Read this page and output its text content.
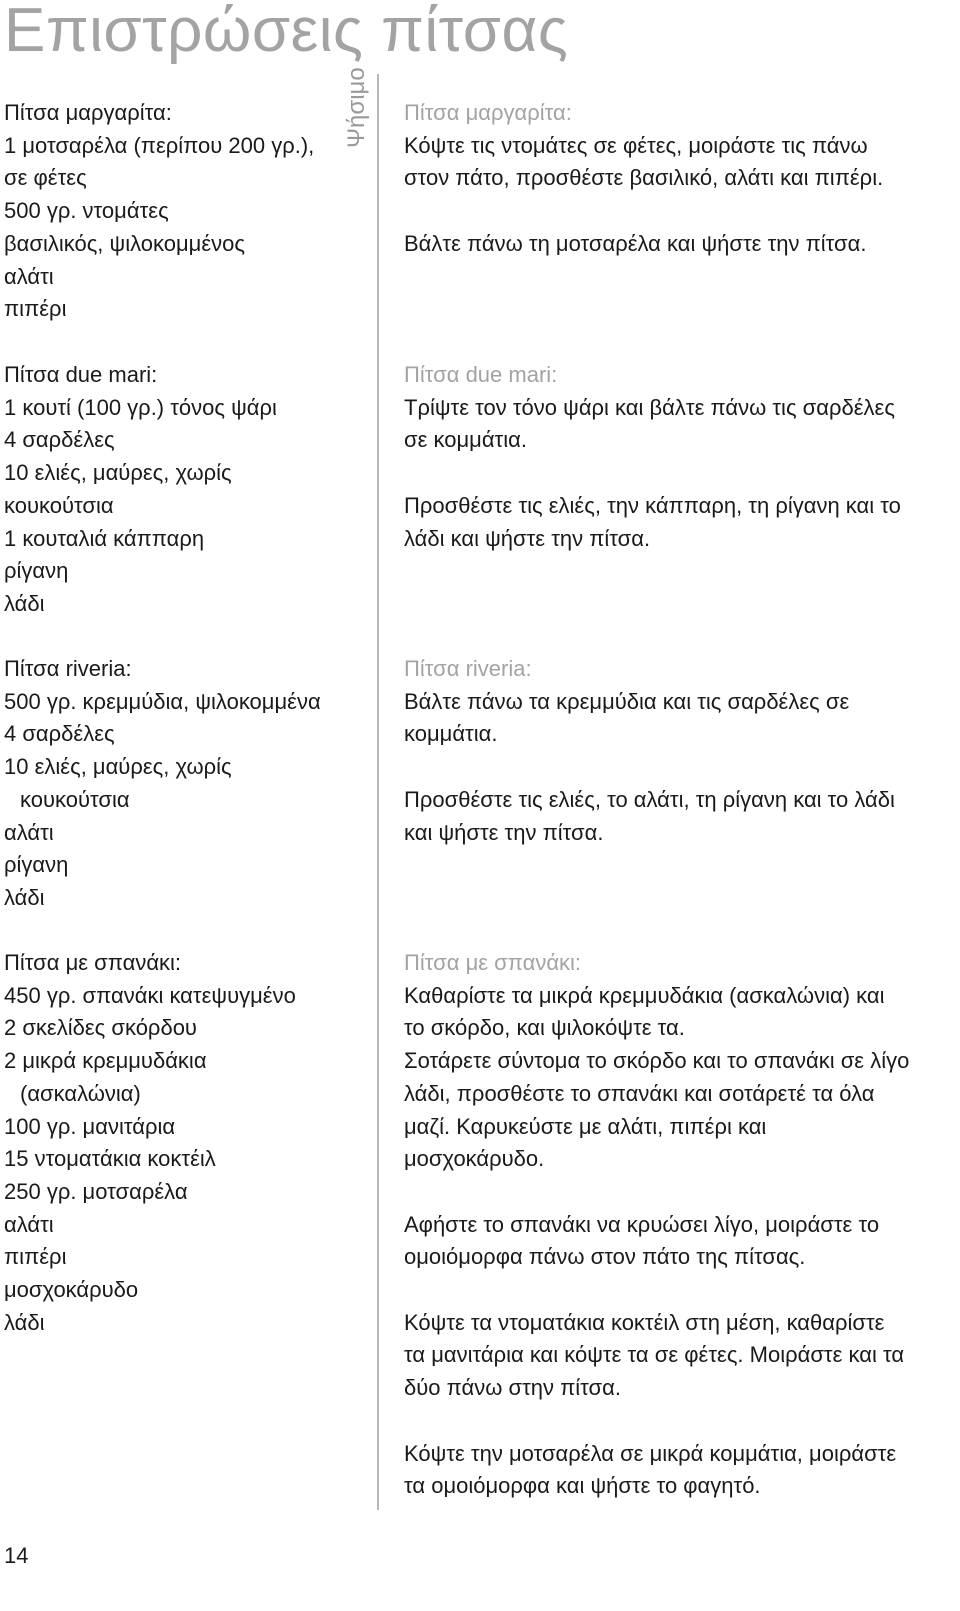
Επιστρώσεις πίτσας
Ψήσιμο
Πίτσα μαργαρίτα:
1 μοτσαρέλα (περίπου 200 γρ.),
σε φέτες
500 γρ. ντομάτες
βασιλικός, ψιλοκομμένος
αλάτι
πιπέρι
Πίτσα μαργαρίτα:
Κόψτε τις ντομάτες σε φέτες, μοιράστε τις πάνω
στον πάτο, προσθέστε βασιλικό, αλάτι και πιπέρι.
Βάλτε πάνω τη μοτσαρέλα και ψήστε την πίτσα.
Πίτσα due mari:
1 κουτί (100 γρ.) τόνος ψάρι
4 σαρδέλες
10 ελιές, μαύρες, χωρίς
κουκούτσια
1 κουταλιά κάππαρη
ρίγανη
λάδι
Πίτσα due mari:
Τρίψτε τον τόνο ψάρι και βάλτε πάνω τις σαρδέλες
σε κομμάτια.
Προσθέστε τις ελιές, την κάππαρη, τη ρίγανη και το
λάδι και ψήστε την πίτσα.
Πίτσα riveria:
500 γρ. κρεμμύδια, ψιλοκομμένα
4 σαρδέλες
10 ελιές, μαύρες, χωρίς
κουκούτσια
αλάτι
ρίγανη
λάδι
Πίτσα riveria:
Βάλτε πάνω τα κρεμμύδια και τις σαρδέλες σε
κομμάτια.
Προσθέστε τις ελιές, το αλάτι, τη ρίγανη και το λάδι
και ψήστε την πίτσα.
Πίτσα με σπανάκι:
450 γρ. σπανάκι κατεψυγμένο
2 σκελίδες σκόρδου
2 μικρά κρεμμυδάκια
(ασκαλώνια)
100 γρ. μανιτάρια
15 ντοματάκια κοκτέιλ
250 γρ. μοτσαρέλα
αλάτι
πιπέρι
μοσχοκάρυδο
λάδι
Πίτσα με σπανάκι:
Καθαρίστε τα μικρά κρεμμυδάκια (ασκαλώνια) και
το σκόρδο, και ψιλοκόψτε τα.
Σοτάρετε σύντομα το σκόρδο και το σπανάκι σε λίγο
λάδι, προσθέστε το σπανάκι και σοτάρετέ τα όλα
μαζί. Καρυκεύστε με αλάτι, πιπέρι και
μοσχοκάρυδο.
Αφήστε το σπανάκι να κρυώσει λίγο, μοιράστε το
ομοιόμορφα πάνω στον πάτο της πίτσας.
Κόψτε τα ντοματάκια κοκτέιλ στη μέση, καθαρίστε
τα μανιτάρια και κόψτε τα σε φέτες. Μοιράστε και τα
δύο πάνω στην πίτσα.
Κόψτε την μοτσαρέλα σε μικρά κομμάτια, μοιράστε
τα ομοιόμορφα και ψήστε το φαγητό.
14
